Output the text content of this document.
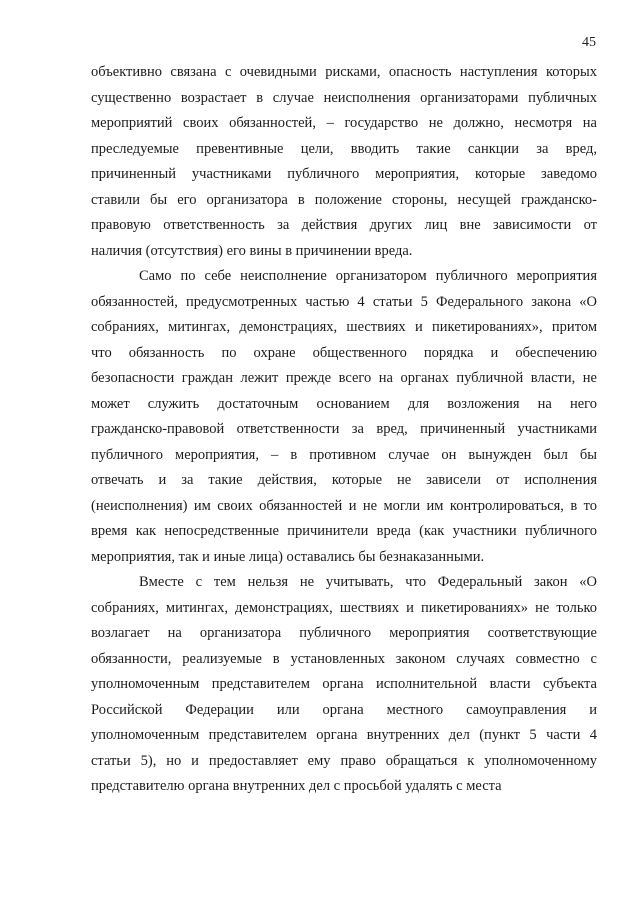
45
объективно связана с очевидными рисками, опасность наступления которых
существенно возрастает в случае неисполнения организаторами публичных
мероприятий своих обязанностей, – государство не должно, несмотря на
преследуемые превентивные цели, вводить такие санкции за вред,
причиненный участниками публичного мероприятия, которые заведомо
ставили бы его организатора в положение стороны, несущей гражданско-
правовую ответственность за действия других лиц вне зависимости от
наличия (отсутствия) его вины в причинении вреда.
Само по себе неисполнение организатором публичного мероприятия
обязанностей, предусмотренных частью 4 статьи 5 Федерального закона «О
собраниях, митингах, демонстрациях, шествиях и пикетированиях», притом
что обязанность по охране общественного порядка и обеспечению
безопасности граждан лежит прежде всего на органах публичной власти, не
может служить достаточным основанием для возложения на него
гражданско-правовой ответственности за вред, причиненный участниками
публичного мероприятия, – в противном случае он вынужден был бы
отвечать и за такие действия, которые не зависели от исполнения
(неисполнения) им своих обязанностей и не могли им контролироваться, в то
время как непосредственные причинители вреда (как участники публичного
мероприятия, так и иные лица) оставались бы безнаказанными.
Вместе с тем нельзя не учитывать, что Федеральный закон «О
собраниях, митингах, демонстрациях, шествиях и пикетированиях» не только
возлагает на организатора публичного мероприятия соответствующие
обязанности, реализуемые в установленных законом случаях совместно с
уполномоченным представителем органа исполнительной власти субъекта
Российской Федерации или органа местного самоуправления и
уполномоченным представителем органа внутренних дел (пункт 5 части 4
статьи 5), но и предоставляет ему право обращаться к уполномоченному
представителю органа внутренних дел с просьбой удалять с места
